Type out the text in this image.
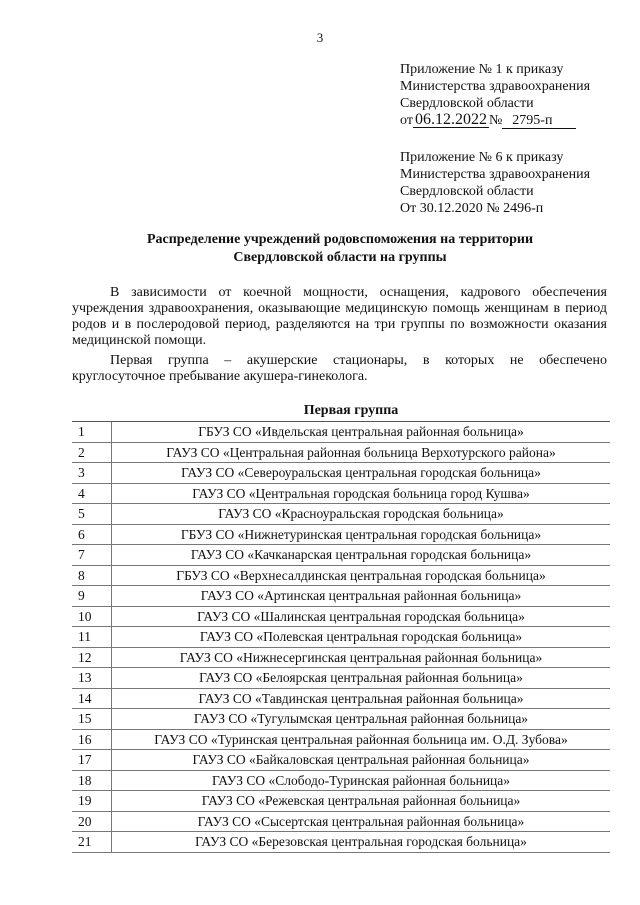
3
Приложение № 1 к приказу
Министерства здравоохранения
Свердловской области
от 06.12.2022 № 2795-п
Приложение № 6 к приказу
Министерства здравоохранения
Свердловской области
От 30.12.2020 № 2496-п
Распределение учреждений родовспоможения на территории
Свердловской области на группы

В зависимости от коечной мощности, оснащения, кадрового обеспечения учреждения здравоохранения, оказывающие медицинскую помощь женщинам в период родов и в послеродовой период, разделяются на три группы по возможности оказания медицинской помощи.

Первая группа – акушерские стационары, в которых не обеспечено круглосуточное пребывание акушера-гинеколога.

Первая группа
1	ГБУЗ СО «Ивдельская центральная районная больница»
2	ГАУЗ СО «Центральная районная больница Верхотурского района»
3	ГАУЗ СО «Североуральская центральная городская больница»
4	ГАУЗ СО «Центральная городская больница город Кушва»
5	ГАУЗ СО «Красноуральская городская больница»
6	ГБУЗ СО «Нижнетуринская центральная городская больница»
7	ГАУЗ СО «Качканарская центральная городская больница»
8	ГБУЗ СО «Верхнесалдинская центральная городская больница»
9	ГАУЗ СО «Артинская центральная районная больница»
10	ГАУЗ СО «Шалинская центральная городская больница»
11	ГАУЗ СО «Полевская центральная городская больница»
12	ГАУЗ СО «Нижнесергинская центральная районная больница»
13	ГАУЗ СО «Белоярская центральная районная больница»
14	ГАУЗ СО «Тавдинская центральная районная больница»
15	ГАУЗ СО «Тугулымская центральная районная больница»
16	ГАУЗ СО «Туринская центральная районная больница им. О.Д. Зубова»
17	ГАУЗ СО «Байкаловская центральная районная больница»
18	ГАУЗ СО «Слободо-Туринская районная больница»
19	ГАУЗ СО «Режевская центральная районная больница»
20	ГАУЗ СО «Сысертская центральная районная больница»
21	ГАУЗ СО «Березовская центральная городская больница»
